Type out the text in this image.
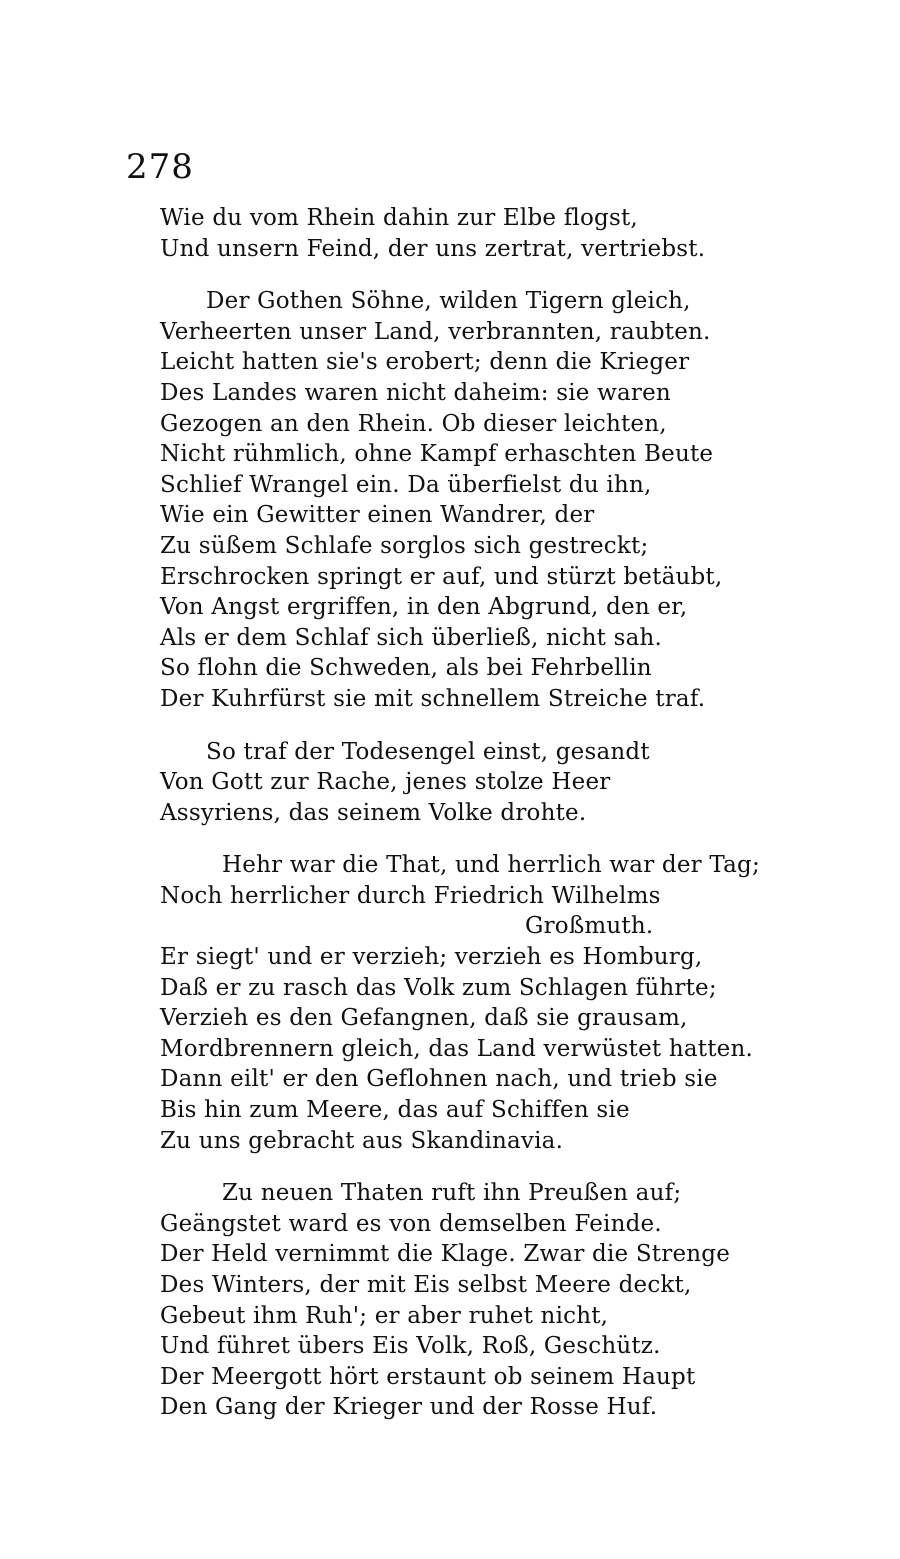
278
Wie du vom Rhein dahin zur Elbe flogst,
Und unsern Feind, der uns zertrat, vertriebst.
Der Gothen Söhne, wilden Tigern gleich,
Verheerten unser Land, verbrannten, raubten.
Leicht hatten sie's erobert; denn die Krieger
Des Landes waren nicht daheim: sie waren
Gezogen an den Rhein. Ob dieser leichten,
Nicht rühmlich, ohne Kampf erhaschten Beute
Schlief Wrangel ein. Da überfielst du ihn,
Wie ein Gewitter einen Wandrer, der
Zu süßem Schlafe sorglos sich gestreckt;
Erschrocken springt er auf, und stürzt betäubt,
Von Angst ergriffen, in den Abgrund, den er,
Als er dem Schlaf sich überließ, nicht sah.
So flohn die Schweden, als bei Fehrbellin
Der Kuhrfürst sie mit schnellem Streiche traf.
So traf der Todesengel einst, gesandt
Von Gott zur Rache, jenes stolze Heer
Assyriens, das seinem Volke drohte.
Hehr war die That, und herrlich war der Tag;
Noch herrlicher durch Friedrich Wilhelms
Großmuth.
Er siegt' und er verzieh; verzieh es Homburg,
Daß er zu rasch das Volk zum Schlagen führte;
Verzieh es den Gefangnen, daß sie grausam,
Mordbrennern gleich, das Land verwüstet hatten.
Dann eilt' er den Geflohnen nach, und trieb sie
Bis hin zum Meere, das auf Schiffen sie
Zu uns gebracht aus Skandinavia.
Zu neuen Thaten ruft ihn Preußen auf;
Geängstet ward es von demselben Feinde.
Der Held vernimmt die Klage. Zwar die Strenge
Des Winters, der mit Eis selbst Meere deckt,
Gebeut ihm Ruh'; er aber ruhet nicht,
Und führet übers Eis Volk, Roß, Geschütz.
Der Meergott hört erstaunt ob seinem Haupt
Den Gang der Krieger und der Rosse Huf.
